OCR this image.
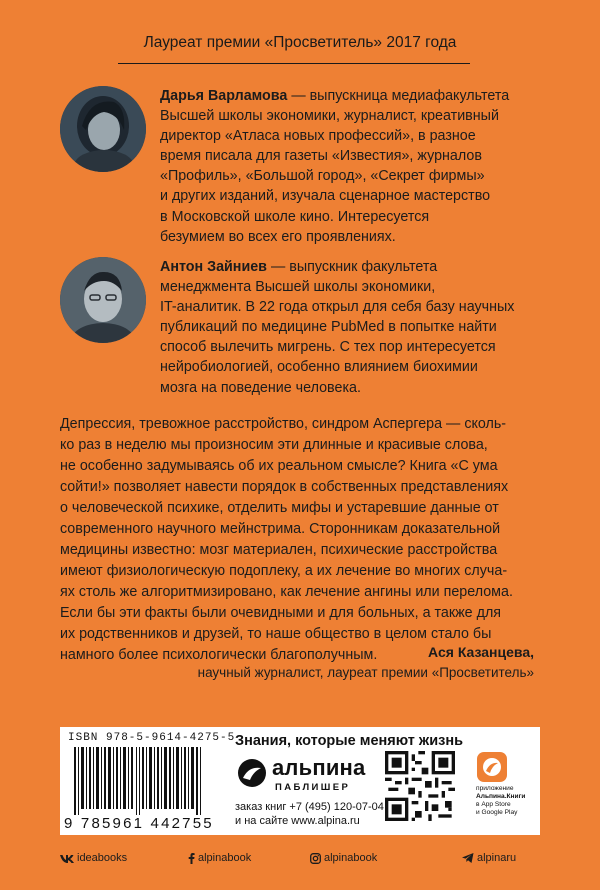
Лауреат премии «Просветитель» 2017 года
Дарья Варламова — выпускница медиафакультета
Высшей школы экономики, журналист, креативный
директор «Атласа новых профессий», в разное
время писала для газеты «Известия», журналов
«Профиль», «Большой город», «Секрет фирмы»
и других изданий, изучала сценарное мастерство
в Московской школе кино. Интересуется
безумием во всех его проявлениях.
Антон Зайниев — выпускник факультета
менеджмента Высшей школы экономики,
IT-аналитик. В 22 года открыл для себя базу научных
публикаций по медицине PubMed в попытке найти
способ вылечить мигрень. С тех пор интересуется
нейробиологией, особенно влиянием биохимии
мозга на поведение человека.
Депрессия, тревожное расстройство, синдром Аспергера — сколь-
ко раз в неделю мы произносим эти длинные и красивые слова,
не особенно задумываясь об их реальном смысле? Книга «С ума
сойти!» позволяет навести порядок в собственных представлениях
о человеческой психике, отделить мифы и устаревшие данные от
современного научного мейнстрима. Сторонникам доказательной
медицины известно: мозг материален, психические расстройства
имеют физиологическую подоплеку, а их лечение во многих случа-
ях столь же алгоритмизировано, как лечение ангины или перелома.
Если бы эти факты были очевидными и для больных, а также для
их родственников и друзей, то наше общество в целом стало бы
намного более психологически благополучным.	Ася Казанцева,
научный журналист, лауреат премии «Просветитель»
ISBN 978-5-9614-4275-5
9 785961 442755
Знания, которые меняют жизнь
альпина
ПАБЛИШЕР
заказ книг +7 (495) 120-07-04
и на сайте www.alpina.ru
приложение
Альпина.Книги
в App Store
и Google Play
ideabooks	alpinabook	alpinabook	alpinaru
